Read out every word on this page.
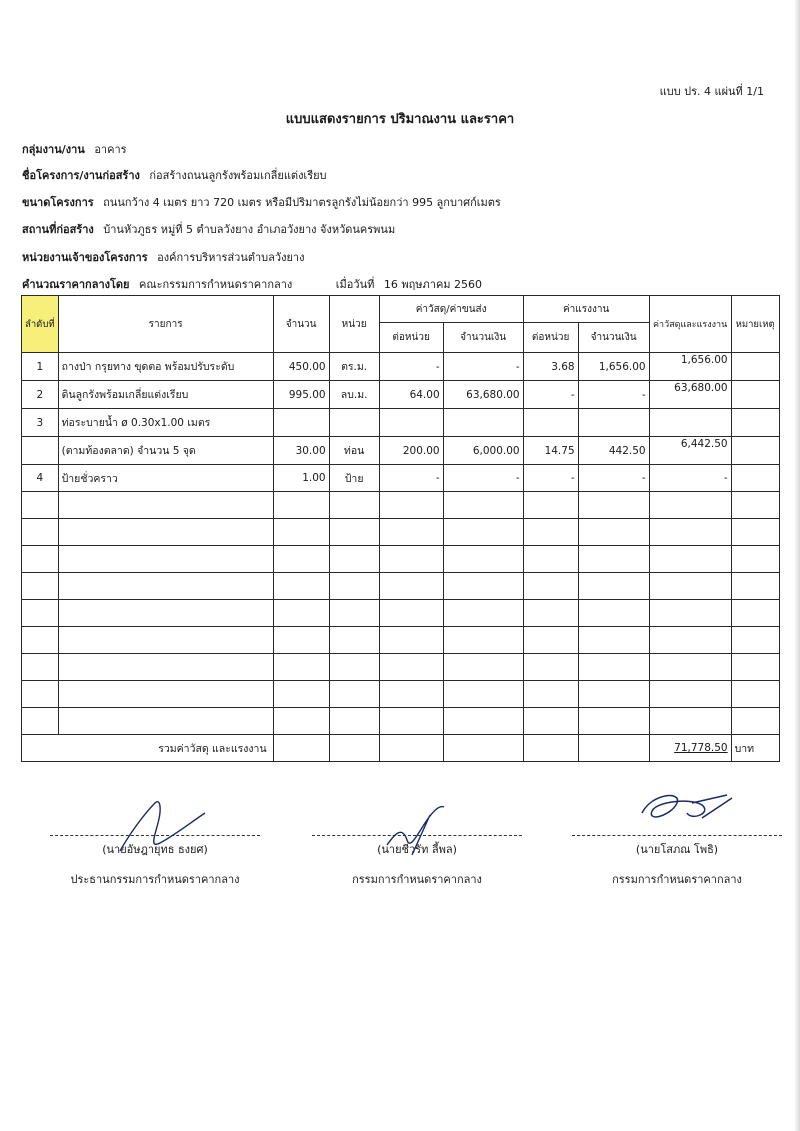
แบบ ปร. 4 แผ่นที่ 1/1
แบบแสดงรายการ ปริมาณงาน และราคา
กลุ่มงาน/งาน อาคาร
ชื่อโครงการ/งานก่อสร้าง ก่อสร้างถนนลูกรังพร้อมเกลี่ยแต่งเรียบ
ขนาดโครงการ ถนนกว้าง 4 เมตร ยาว 720 เมตร หรือมีปริมาตรลูกรังไม่น้อยกว่า 995 ลูกบาศก์เมตร
สถานที่ก่อสร้าง บ้านหัวภูธร หมู่ที่ 5 ตำบลวังยาง อำเภอวังยาง จังหวัดนครพนม
หน่วยงานเจ้าของโครงการ องค์การบริหารส่วนตำบลวังยาง
คำนวณราคากลางโดย คณะกรรมการกำหนดราคากลาง	เมื่อวันที่ 16 พฤษภาคม 2560
ลำดับที่	รายการ	จำนวน	หน่วย	ค่าวัสดุ/ค่าขนส่ง		ค่าแรงงาน		ค่าวัสดุและแรงงาน	หมายเหตุ
				ต่อหน่วย	จำนวนเงิน	ต่อหน่วย	จำนวนเงิน		
1	ถางป่า กรุยทาง ขุดตอ พร้อมปรับระดับ	450.00	ตร.ม.	-	-	3.68	1,656.00	1,656.00	
2	ดินลูกรังพร้อมเกลี่ยแต่งเรียบ	995.00	ลบ.ม.	64.00	63,680.00	-	-	63,680.00	
3	ท่อระบายน้ำ ø 0.30x1.00 เมตร								
	(ตามท้องตลาด) จำนวน 5 จุด	30.00	ท่อน	200.00	6,000.00	14.75	442.50	6,442.50	
4	ป้ายชั่วคราว	1.00	ป้าย	-	-	-	-	-	

รวมค่าวัสดุ และแรงงาน								71,778.50	บาท
(นายอัษฎายุทธ ธงยศ)
ประธานกรรมการกำหนดราคากลาง
(นายชีวรัท ลี้พล)
กรรมการกำหนดราคากลาง
(นายโสภณ โพธิ)
กรรมการกำหนดราคากลาง
